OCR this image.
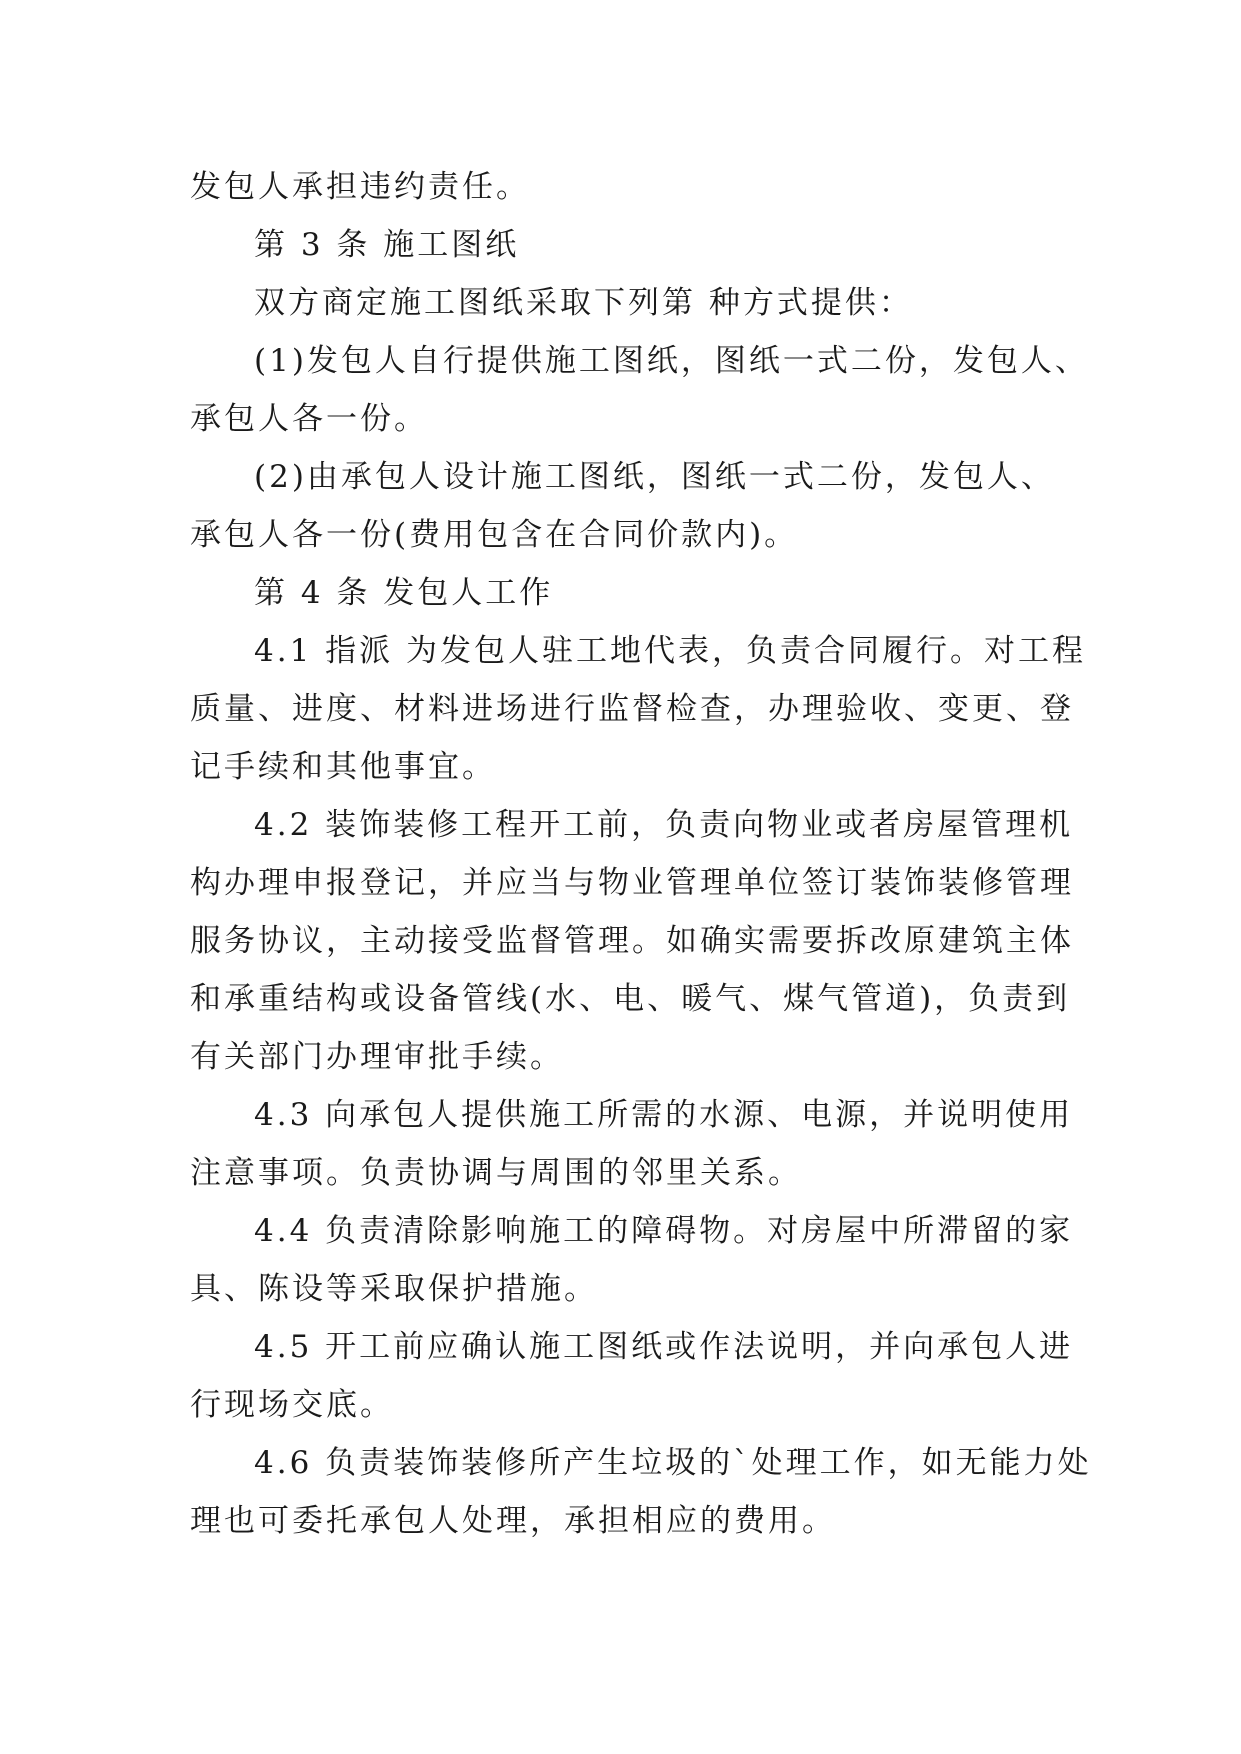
发包人承担违约责任。
第 3 条 施工图纸
双方商定施工图纸采取下列第 种方式提供：
(1)发包人自行提供施工图纸，图纸一式二份，发包人、
承包人各一份。
(2)由承包人设计施工图纸，图纸一式二份，发包人、
承包人各一份(费用包含在合同价款内)。
第 4 条 发包人工作
4.1 指派 为发包人驻工地代表，负责合同履行。对工程
质量、进度、材料进场进行监督检查，办理验收、变更、登
记手续和其他事宜。
4.2 装饰装修工程开工前，负责向物业或者房屋管理机
构办理申报登记，并应当与物业管理单位签订装饰装修管理
服务协议，主动接受监督管理。如确实需要拆改原建筑主体
和承重结构或设备管线(水、电、暖气、煤气管道)，负责到
有关部门办理审批手续。
4.3 向承包人提供施工所需的水源、电源，并说明使用
注意事项。负责协调与周围的邻里关系。
4.4 负责清除影响施工的障碍物。对房屋中所滞留的家
具、陈设等采取保护措施。
4.5 开工前应确认施工图纸或作法说明，并向承包人进
行现场交底。
4.6 负责装饰装修所产生垃圾的`处理工作，如无能力处
理也可委托承包人处理，承担相应的费用。
